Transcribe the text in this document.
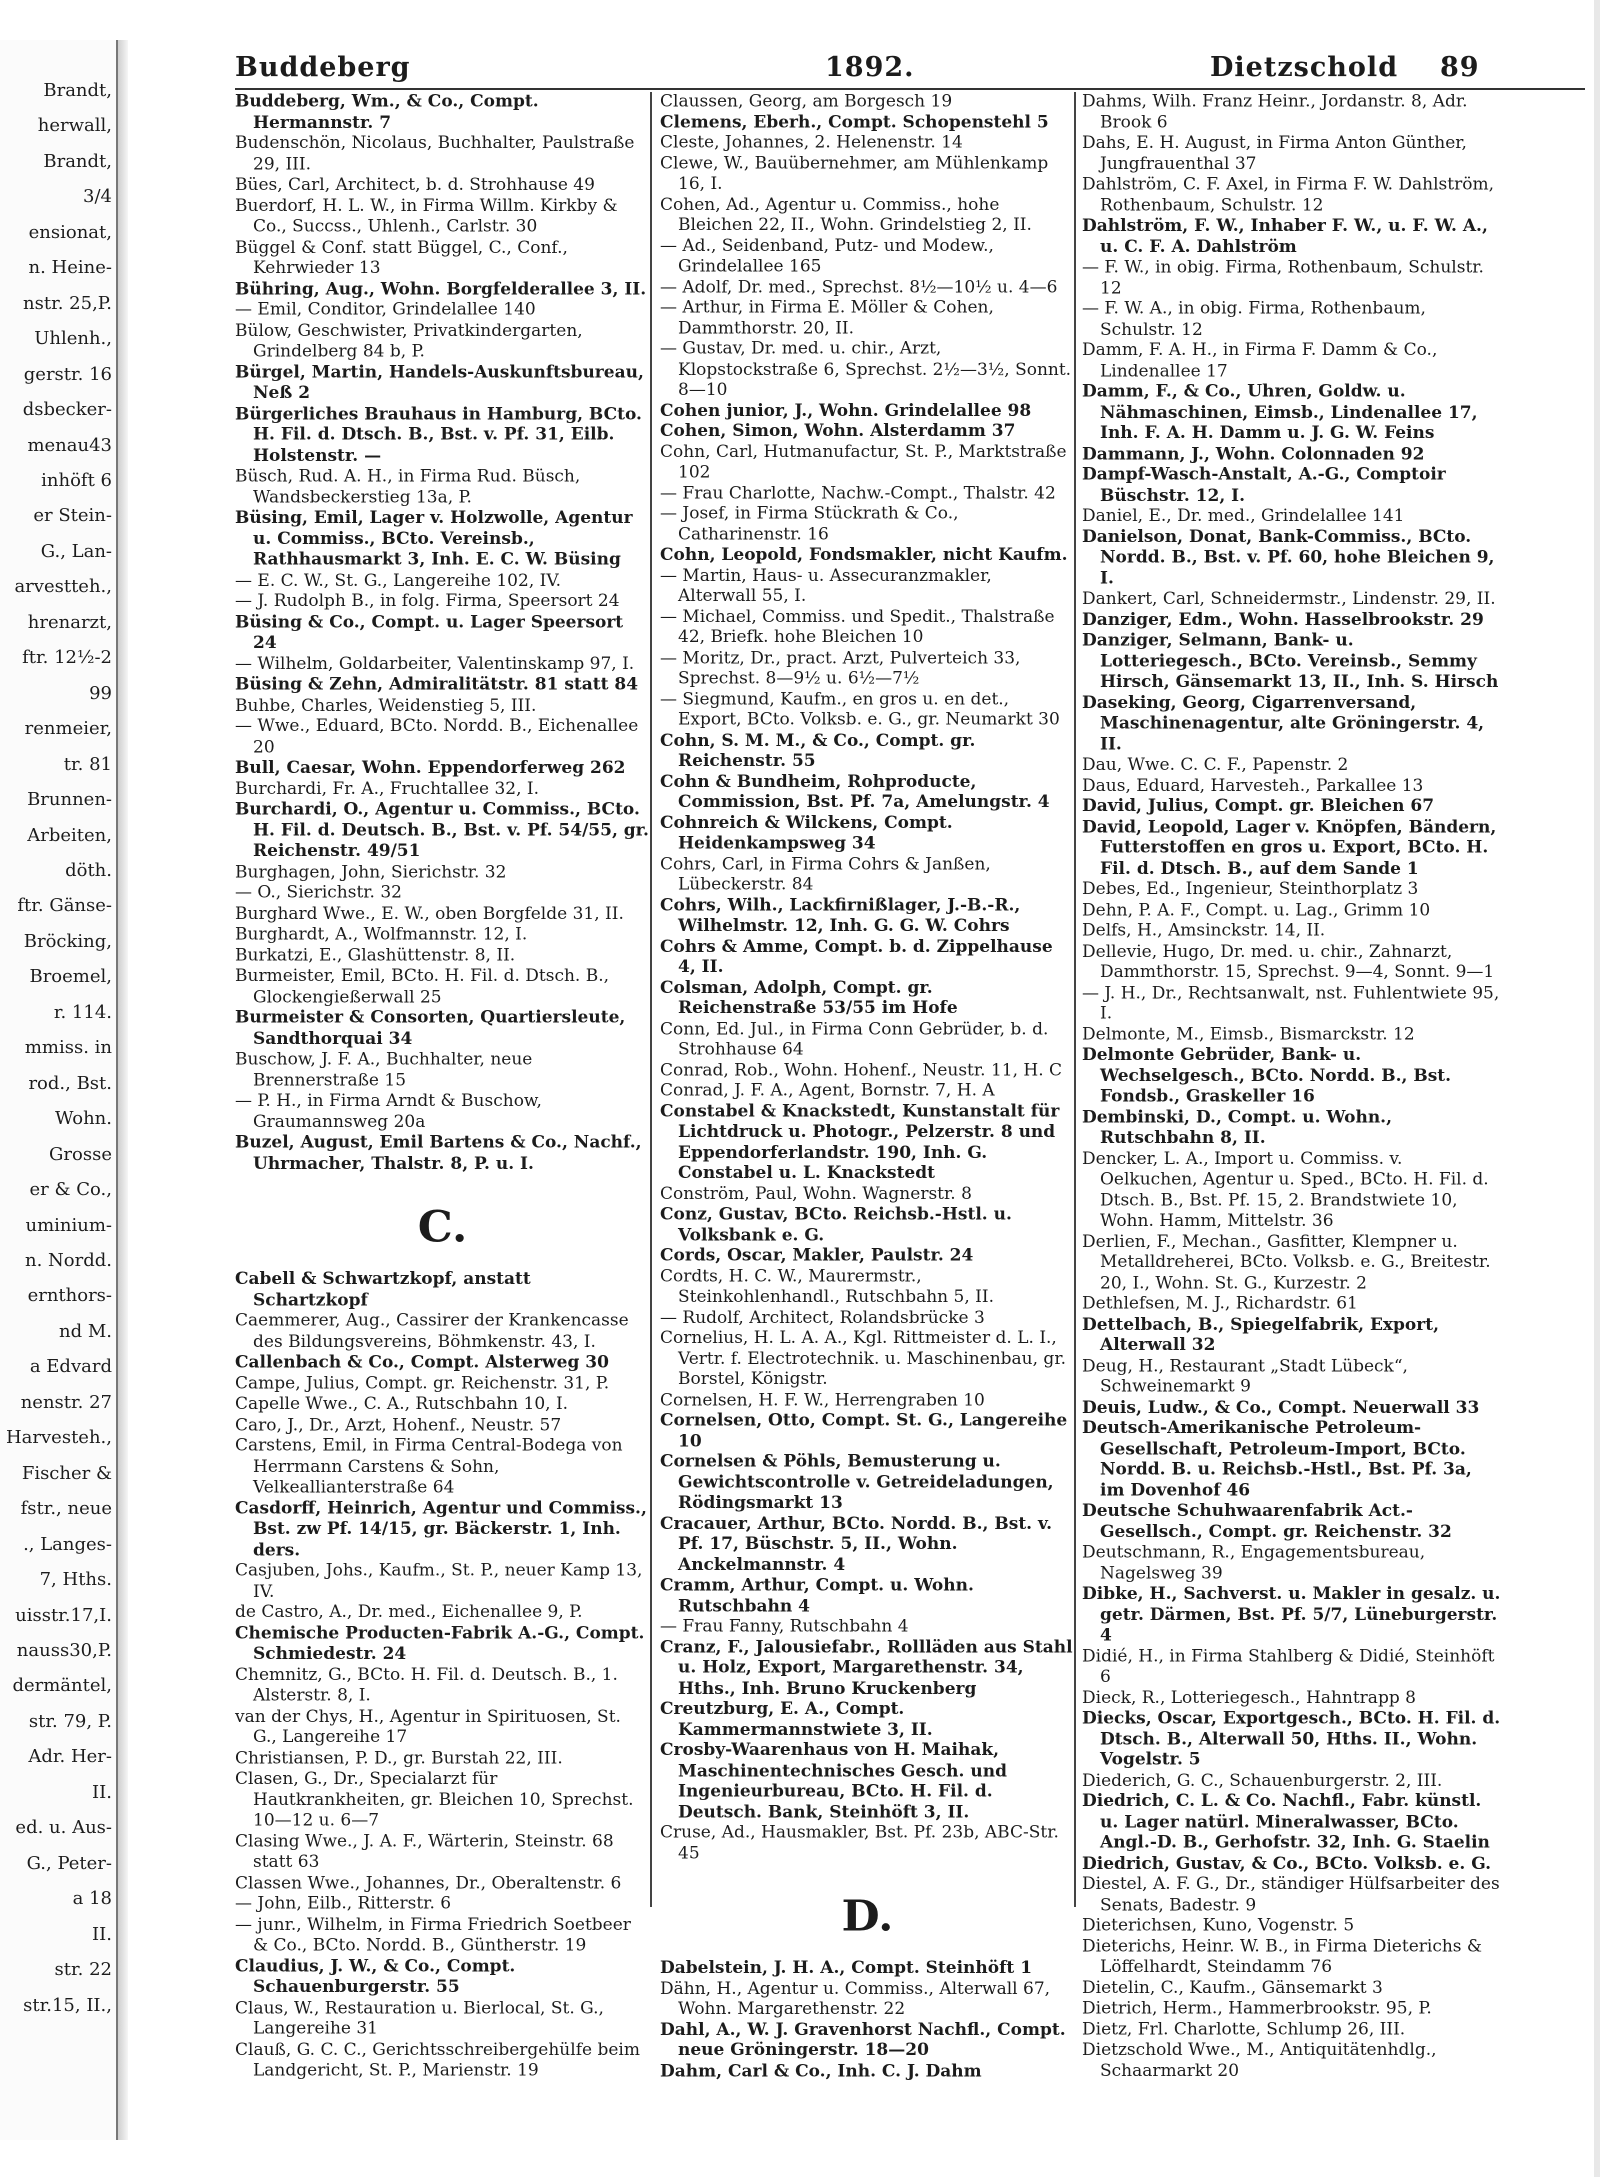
Brandt,
herwall,
Brandt,
3/4
ensionat,
n. Heine-
nstr. 25,P.
Uhlenh.,
gerstr. 16
dsbecker-
menau43
inhöft 6
er Stein-
G., Lan-
arvestteh.,
hrenarzt,
ftr. 12½-2
99
renmeier,
tr. 81
Brunnen-
Arbeiten,
döth.
ftr. Gänse-
Bröcking,
Broemel,
r. 114.
mmiss. in
rod., Bst.
Wohn.
Grosse
er & Co.,
uminium-
n. Nordd.
ernthors-
nd M.
a Edvard
nenstr. 27
Harvesteh.,
Fischer &
fstr., neue
., Langes-
7, Hths.
uisstr.17,I.
nauss30,P.
dermäntel,
str. 79, P.
Adr. Her-
II.
ed. u. Aus-
G., Peter-
a 18
II.
str. 22
str.15, II.,
Buddeberg	1892.	Dietzschold 89
Buddeberg, Wm., & Co., Compt. Hermannstr. 7
Budenschön, Nicolaus, Buchhalter, Paulstraße 29, III.
Bües, Carl, Architect, b. d. Strohhause 49
Buerdorf, H. L. W., in Firma Willm. Kirkby & Co., Succss., Uhlenh., Carlstr. 30
Büggel & Conf. statt Büggel, C., Conf., Kehrwieder 13
Bühring, Aug., Wohn. Borgfelderallee 3, II.
— Emil, Conditor, Grindelallee 140
Bülow, Geschwister, Privatkindergarten, Grindelberg 84 b, P.
Bürgel, Martin, Handels-Auskunftsbureau, Neß 2
Bürgerliches Brauhaus in Hamburg, BCto. H. Fil. d. Dtsch. B., Bst. v. Pf. 31, Eilb. Holstenstr. —
Büsch, Rud. A. H., in Firma Rud. Büsch, Wandsbeckerstieg 13a, P.
Büsing, Emil, Lager v. Holzwolle, Agentur u. Commiss., BCto. Vereinsb., Rathhausmarkt 3, Inh. E. C. W. Büsing
— E. C. W., St. G., Langereihe 102, IV.
— J. Rudolph B., in folg. Firma, Speersort 24
Büsing & Co., Compt. u. Lager Speersort 24
— Wilhelm, Goldarbeiter, Valentinskamp 97, I.
Büsing & Zehn, Admiralitätstr. 81 statt 84
Buhbe, Charles, Weidenstieg 5, III.
— Wwe., Eduard, BCto. Nordd. B., Eichenallee 20
Bull, Caesar, Wohn. Eppendorferweg 262
Burchardi, Fr. A., Fruchtallee 32, I.
Burchardi, O., Agentur u. Commiss., BCto. H. Fil. d. Deutsch. B., Bst. v. Pf. 54/55, gr. Reichenstr. 49/51
Burghagen, John, Sierichstr. 32
— O., Sierichstr. 32
Burghard Wwe., E. W., oben Borgfelde 31, II.
Burghardt, A., Wolfmannstr. 12, I.
Burkatzi, E., Glashüttenstr. 8, II.
Burmeister, Emil, BCto. H. Fil. d. Dtsch. B., Glockengießerwall 25
Burmeister & Consorten, Quartiersleute, Sandthorquai 34
Buschow, J. F. A., Buchhalter, neue Brennerstraße 15
— P. H., in Firma Arndt & Buschow, Graumannsweg 20a
Buzel, August, Emil Bartens & Co., Nachf., Uhrmacher, Thalstr. 8, P. u. I.
C.
Cabell & Schwartzkopf, anstatt Schartzkopf
Caemmerer, Aug., Cassirer der Krankencasse des Bildungsvereins, Böhmkenstr. 43, I.
Callenbach & Co., Compt. Alsterweg 30
Campe, Julius, Compt. gr. Reichenstr. 31, P.
Capelle Wwe., C. A., Rutschbahn 10, I.
Caro, J., Dr., Arzt, Hohenf., Neustr. 57
Carstens, Emil, in Firma Central-Bodega von Herrmann Carstens & Sohn, Velkeallianterstraße 64
Casdorff, Heinrich, Agentur und Commiss., Bst. zw Pf. 14/15, gr. Bäckerstr. 1, Inh. ders.
Casjuben, Johs., Kaufm., St. P., neuer Kamp 13, IV.
de Castro, A., Dr. med., Eichenallee 9, P.
Chemische Producten-Fabrik A.-G., Compt. Schmiedestr. 24
Chemnitz, G., BCto. H. Fil. d. Deutsch. B., 1. Alsterstr. 8, I.
van der Chys, H., Agentur in Spirituosen, St. G., Langereihe 17
Christiansen, P. D., gr. Burstah 22, III.
Clasen, G., Dr., Specialarzt für Hautkrankheiten, gr. Bleichen 10, Sprechst. 10—12 u. 6—7
Clasing Wwe., J. A. F., Wärterin, Steinstr. 68 statt 63
Classen Wwe., Johannes, Dr., Oberaltenstr. 6
— John, Eilb., Ritterstr. 6
— junr., Wilhelm, in Firma Friedrich Soetbeer & Co., BCto. Nordd. B., Güntherstr. 19
Claudius, J. W., & Co., Compt. Schauenburgerstr. 55
Claus, W., Restauration u. Bierlocal, St. G., Langereihe 31
Clauß, G. C. C., Gerichtsschreibergehülfe beim Landgericht, St. P., Marienstr. 19
Claussen, Georg, am Borgesch 19
Clemens, Eberh., Compt. Schopenstehl 5
Cleste, Johannes, 2. Helenenstr. 14
Clewe, W., Bauübernehmer, am Mühlenkamp 16, I.
Cohen, Ad., Agentur u. Commiss., hohe Bleichen 22, II., Wohn. Grindelstieg 2, II.
— Ad., Seidenband, Putz- und Modew., Grindelallee 165
— Adolf, Dr. med., Sprechst. 8½—10½ u. 4—6
— Arthur, in Firma E. Möller & Cohen, Dammthorstr. 20, II.
— Gustav, Dr. med. u. chir., Arzt, Klopstockstraße 6, Sprechst. 2½—3½, Sonnt. 8—10
Cohen junior, J., Wohn. Grindelallee 98
Cohen, Simon, Wohn. Alsterdamm 37
Cohn, Carl, Hutmanufactur, St. P., Marktstraße 102
— Frau Charlotte, Nachw.-Compt., Thalstr. 42
— Josef, in Firma Stückrath & Co., Catharinenstr. 16
Cohn, Leopold, Fondsmakler, nicht Kaufm.
— Martin, Haus- u. Assecuranzmakler, Alterwall 55, I.
— Michael, Commiss. und Spedit., Thalstraße 42, Briefk. hohe Bleichen 10
— Moritz, Dr., pract. Arzt, Pulverteich 33, Sprechst. 8—9½ u. 6½—7½
— Siegmund, Kaufm., en gros u. en det., Export, BCto. Volksb. e. G., gr. Neumarkt 30
Cohn, S. M. M., & Co., Compt. gr. Reichenstr. 55
Cohn & Bundheim, Rohproducte, Commission, Bst. Pf. 7a, Amelungstr. 4
Cohnreich & Wilckens, Compt. Heidenkampsweg 34
Cohrs, Carl, in Firma Cohrs & Janßen, Lübeckerstr. 84
Cohrs, Wilh., Lackfirnißlager, J.-B.-R., Wilhelmstr. 12, Inh. G. G. W. Cohrs
Cohrs & Amme, Compt. b. d. Zippelhause 4, II.
Colsman, Adolph, Compt. gr. Reichenstraße 53/55 im Hofe
Conn, Ed. Jul., in Firma Conn Gebrüder, b. d. Strohhause 64
Conrad, Rob., Wohn. Hohenf., Neustr. 11, H. C
Conrad, J. F. A., Agent, Bornstr. 7, H. A
Constabel & Knackstedt, Kunstanstalt für Lichtdruck u. Photogr., Pelzerstr. 8 und Eppendorferlandstr. 190, Inh. G. Constabel u. L. Knackstedt
Conström, Paul, Wohn. Wagnerstr. 8
Conz, Gustav, BCto. Reichsb.-Hstl. u. Volksbank e. G.
Cords, Oscar, Makler, Paulstr. 24
Cordts, H. C. W., Maurermstr., Steinkohlenhandl., Rutschbahn 5, II.
— Rudolf, Architect, Rolandsbrücke 3
Cornelius, H. L. A. A., Kgl. Rittmeister d. L. I., Vertr. f. Electrotechnik. u. Maschinenbau, gr. Borstel, Königstr.
Cornelsen, H. F. W., Herrengraben 10
Cornelsen, Otto, Compt. St. G., Langereihe 10
Cornelsen & Pöhls, Bemusterung u. Gewichtscontrolle v. Getreideladungen, Rödingsmarkt 13
Cracauer, Arthur, BCto. Nordd. B., Bst. v. Pf. 17, Büschstr. 5, II., Wohn. Anckelmannstr. 4
Cramm, Arthur, Compt. u. Wohn. Rutschbahn 4
— Frau Fanny, Rutschbahn 4
Cranz, F., Jalousiefabr., Rollläden aus Stahl u. Holz, Export, Margarethenstr. 34, Hths., Inh. Bruno Kruckenberg
Creutzburg, E. A., Compt. Kammermannstwiete 3, II.
Crosby-Waarenhaus von H. Maihak, Maschinentechnisches Gesch. und Ingenieurbureau, BCto. H. Fil. d. Deutsch. Bank, Steinhöft 3, II.
Cruse, Ad., Hausmakler, Bst. Pf. 23b, ABC-Str. 45
D.
Dabelstein, J. H. A., Compt. Steinhöft 1
Dähn, H., Agentur u. Commiss., Alterwall 67, Wohn. Margarethenstr. 22
Dahl, A., W. J. Gravenhorst Nachfl., Compt. neue Gröningerstr. 18—20
Dahm, Carl & Co., Inh. C. J. Dahm
Dahms, Wilh. Franz Heinr., Jordanstr. 8, Adr. Brook 6
Dahs, E. H. August, in Firma Anton Günther, Jungfrauenthal 37
Dahlström, C. F. Axel, in Firma F. W. Dahlström, Rothenbaum, Schulstr. 12
Dahlström, F. W., Inhaber F. W., u. F. W. A., u. C. F. A. Dahlström
— F. W., in obig. Firma, Rothenbaum, Schulstr. 12
— F. W. A., in obig. Firma, Rothenbaum, Schulstr. 12
Damm, F. A. H., in Firma F. Damm & Co., Lindenallee 17
Damm, F., & Co., Uhren, Goldw. u. Nähmaschinen, Eimsb., Lindenallee 17, Inh. F. A. H. Damm u. J. G. W. Feins
Dammann, J., Wohn. Colonnaden 92
Dampf-Wasch-Anstalt, A.-G., Comptoir Büschstr. 12, I.
Daniel, E., Dr. med., Grindelallee 141
Danielson, Donat, Bank-Commiss., BCto. Nordd. B., Bst. v. Pf. 60, hohe Bleichen 9, I.
Dankert, Carl, Schneidermstr., Lindenstr. 29, II.
Danziger, Edm., Wohn. Hasselbrookstr. 29
Danziger, Selmann, Bank- u. Lotteriegesch., BCto. Vereinsb., Semmy Hirsch, Gänsemarkt 13, II., Inh. S. Hirsch
Daseking, Georg, Cigarrenversand, Maschinenagentur, alte Gröningerstr. 4, II.
Dau, Wwe. C. C. F., Papenstr. 2
Daus, Eduard, Harvesteh., Parkallee 13
David, Julius, Compt. gr. Bleichen 67
David, Leopold, Lager v. Knöpfen, Bändern, Futterstoffen en gros u. Export, BCto. H. Fil. d. Dtsch. B., auf dem Sande 1
Debes, Ed., Ingenieur, Steinthorplatz 3
Dehn, P. A. F., Compt. u. Lag., Grimm 10
Delfs, H., Amsinckstr. 14, II.
Dellevie, Hugo, Dr. med. u. chir., Zahnarzt, Dammthorstr. 15, Sprechst. 9—4, Sonnt. 9—1
— J. H., Dr., Rechtsanwalt, nst. Fuhlentwiete 95, I.
Delmonte, M., Eimsb., Bismarckstr. 12
Delmonte Gebrüder, Bank- u. Wechselgesch., BCto. Nordd. B., Bst. Fondsb., Graskeller 16
Dembinski, D., Compt. u. Wohn., Rutschbahn 8, II.
Dencker, L. A., Import u. Commiss. v. Oelkuchen, Agentur u. Sped., BCto. H. Fil. d. Dtsch. B., Bst. Pf. 15, 2. Brandstwiete 10, Wohn. Hamm, Mittelstr. 36
Derlien, F., Mechan., Gasfitter, Klempner u. Metalldreherei, BCto. Volksb. e. G., Breitestr. 20, I., Wohn. St. G., Kurzestr. 2
Dethlefsen, M. J., Richardstr. 61
Dettelbach, B., Spiegelfabrik, Export, Alterwall 32
Deug, H., Restaurant „Stadt Lübeck“, Schweinemarkt 9
Deuis, Ludw., & Co., Compt. Neuerwall 33
Deutsch-Amerikanische Petroleum-Gesellschaft, Petroleum-Import, BCto. Nordd. B. u. Reichsb.-Hstl., Bst. Pf. 3a, im Dovenhof 46
Deutsche Schuhwaarenfabrik Act.-Gesellsch., Compt. gr. Reichenstr. 32
Deutschmann, R., Engagementsbureau, Nagelsweg 39
Dibke, H., Sachverst. u. Makler in gesalz. u. getr. Därmen, Bst. Pf. 5/7, Lüneburgerstr. 4
Didié, H., in Firma Stahlberg & Didié, Steinhöft 6
Dieck, R., Lotteriegesch., Hahntrapp 8
Diecks, Oscar, Exportgesch., BCto. H. Fil. d. Dtsch. B., Alterwall 50, Hths. II., Wohn. Vogelstr. 5
Diederich, G. C., Schauenburgerstr. 2, III.
Diedrich, C. L. & Co. Nachfl., Fabr. künstl. u. Lager natürl. Mineralwasser, BCto. Angl.-D. B., Gerhofstr. 32, Inh. G. Staelin
Diedrich, Gustav, & Co., BCto. Volksb. e. G.
Diestel, A. F. G., Dr., ständiger Hülfsarbeiter des Senats, Badestr. 9
Dieterichsen, Kuno, Vogenstr. 5
Dieterichs, Heinr. W. B., in Firma Dieterichs & Löffelhardt, Steindamm 76
Dietelin, C., Kaufm., Gänsemarkt 3
Dietrich, Herm., Hammerbrookstr. 95, P.
Dietz, Frl. Charlotte, Schlump 26, III.
Dietzschold Wwe., M., Antiquitätenhdlg., Schaarmarkt 20
